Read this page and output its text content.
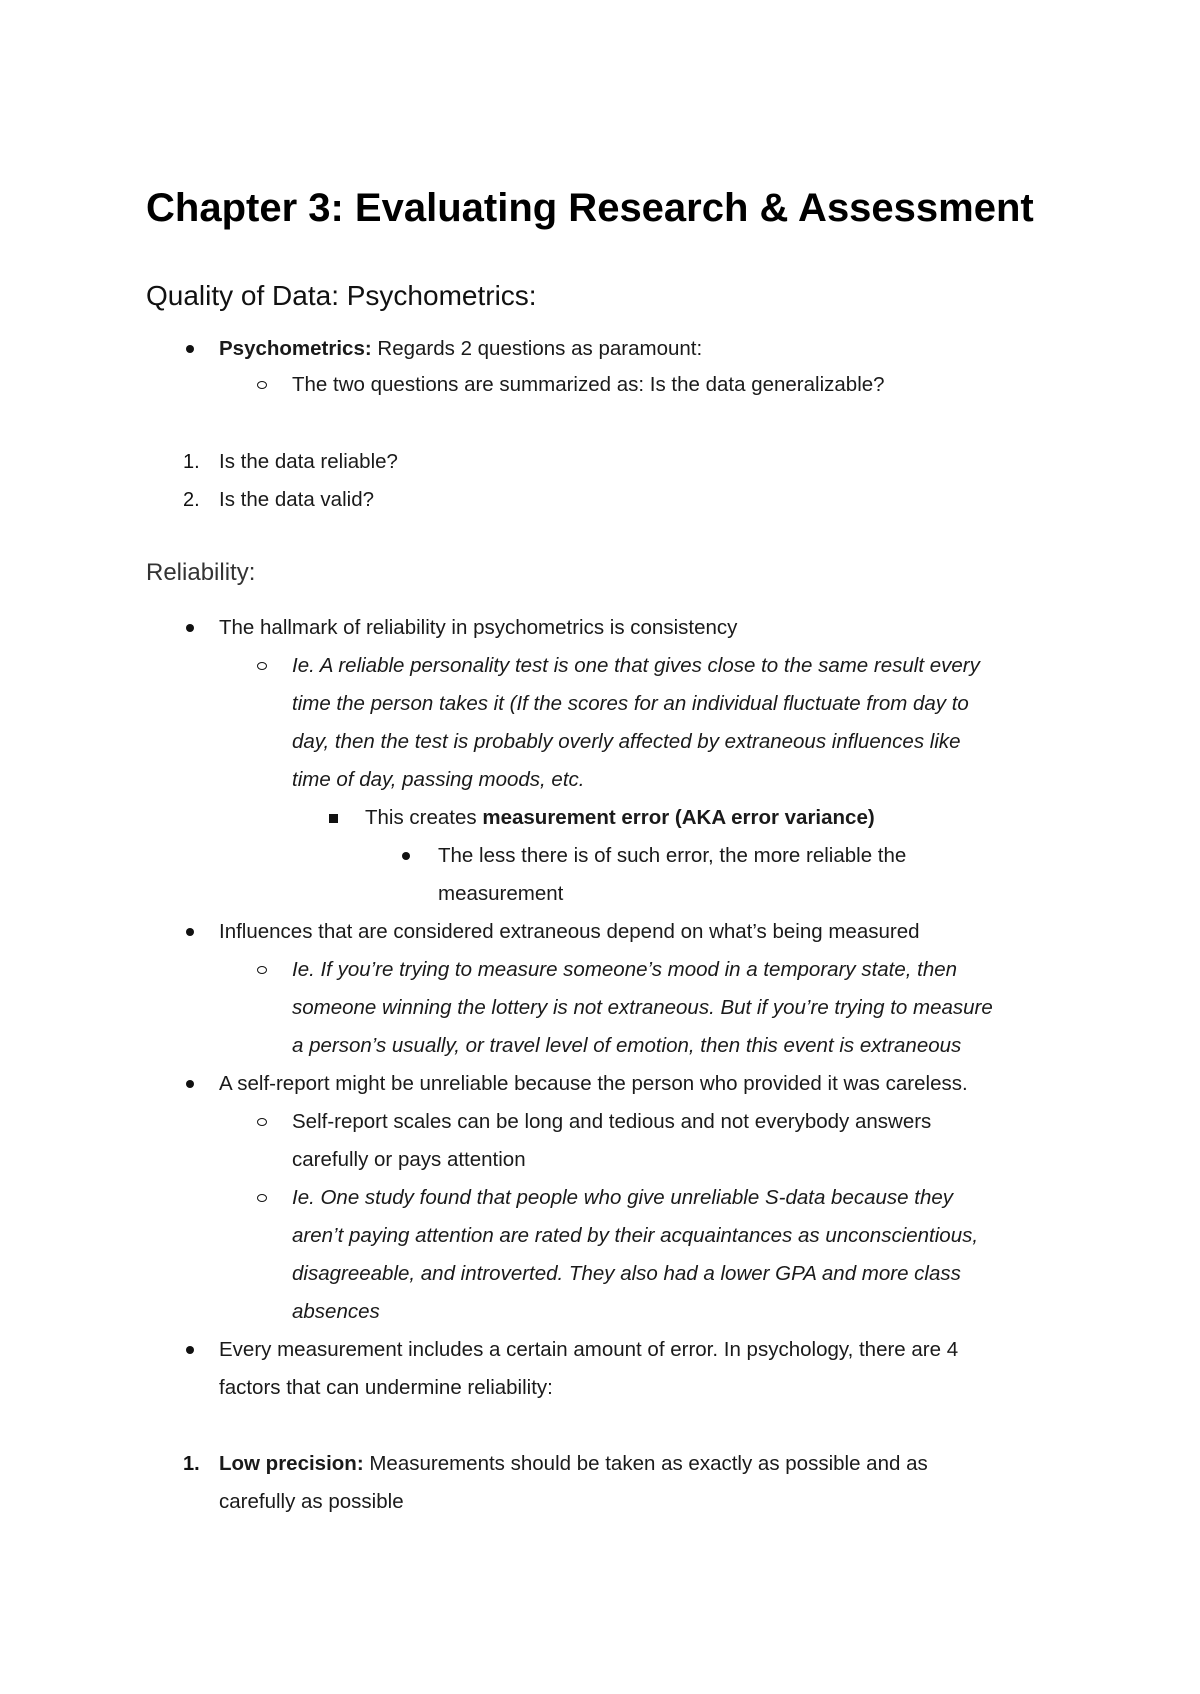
Chapter 3: Evaluating Research & Assessment
Quality of Data: Psychometrics:
Psychometrics: Regards 2 questions as paramount:
The two questions are summarized as: Is the data generalizable?
1. Is the data reliable?
2. Is the data valid?
Reliability:
The hallmark of reliability in psychometrics is consistency
Ie. A reliable personality test is one that gives close to the same result every
time the person takes it (If the scores for an individual fluctuate from day to
day, then the test is probably overly affected by extraneous influences like
time of day, passing moods, etc.
This creates measurement error (AKA error variance)
The less there is of such error, the more reliable the
measurement
Influences that are considered extraneous depend on what’s being measured
Ie. If you’re trying to measure someone’s mood in a temporary state, then
someone winning the lottery is not extraneous. But if you’re trying to measure
a person’s usually, or travel level of emotion, then this event is extraneous
A self-report might be unreliable because the person who provided it was careless.
Self-report scales can be long and tedious and not everybody answers
carefully or pays attention
Ie. One study found that people who give unreliable S-data because they
aren’t paying attention are rated by their acquaintances as unconscientious,
disagreeable, and introverted. They also had a lower GPA and more class
absences
Every measurement includes a certain amount of error. In psychology, there are 4
factors that can undermine reliability:
1. Low precision: Measurements should be taken as exactly as possible and as
carefully as possible
